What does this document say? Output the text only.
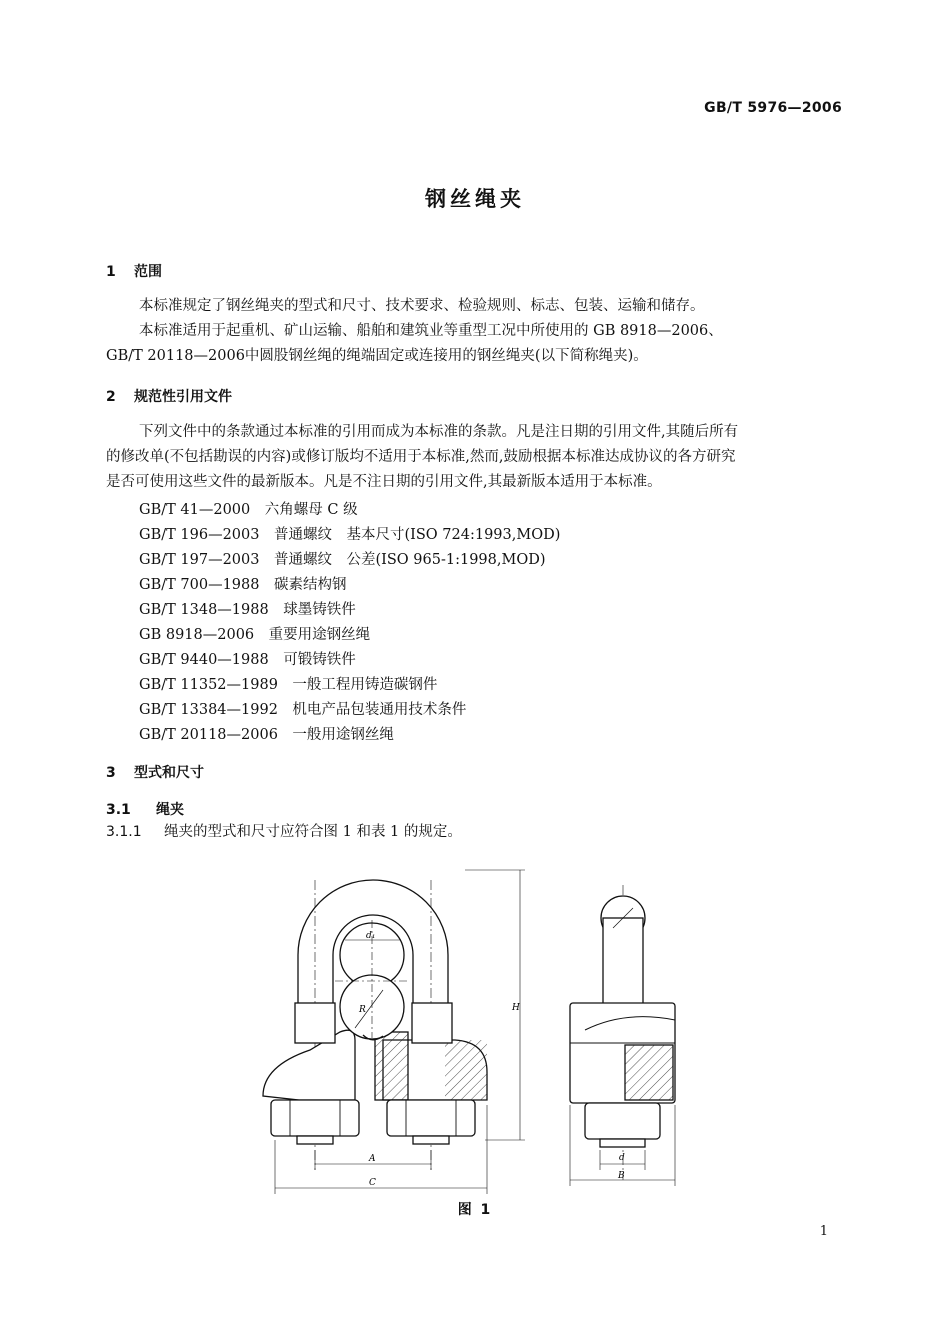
GB/T 5976—2006
钢丝绳夹
1 范围
本标准规定了钢丝绳夹的型式和尺寸、技术要求、检验规则、标志、包装、运输和储存。
本标准适用于起重机、矿山运输、船舶和建筑业等重型工况中所使用的 GB 8918—2006、
GB/T 20118—2006中圆股钢丝绳的绳端固定或连接用的钢丝绳夹(以下简称绳夹)。
2 规范性引用文件
下列文件中的条款通过本标准的引用而成为本标准的条款。凡是注日期的引用文件,其随后所有
的修改单(不包括勘误的内容)或修订版均不适用于本标准,然而,鼓励根据本标准达成协议的各方研究
是否可使用这些文件的最新版本。凡是不注日期的引用文件,其最新版本适用于本标准。
GB/T 41—2000　六角螺母 C 级
GB/T 196—2003　普通螺纹　基本尺寸(ISO 724:1993,MOD)
GB/T 197—2003　普通螺纹　公差(ISO 965-1:1998,MOD)
GB/T 700—1988　碳素结构钢
GB/T 1348—1988　球墨铸铁件
GB 8918—2006　重要用途钢丝绳
GB/T 9440—1988　可锻铸铁件
GB/T 11352—1989　一般工程用铸造碳钢件
GB/T 13384—1992　机电产品包装通用技术条件
GB/T 20118—2006　一般用途钢丝绳
3 型式和尺寸
3.1 绳夹
3.1.1 绳夹的型式和尺寸应符合图 1 和表 1 的规定。
d₁
R	H
A
C
d
B
图 1
1
